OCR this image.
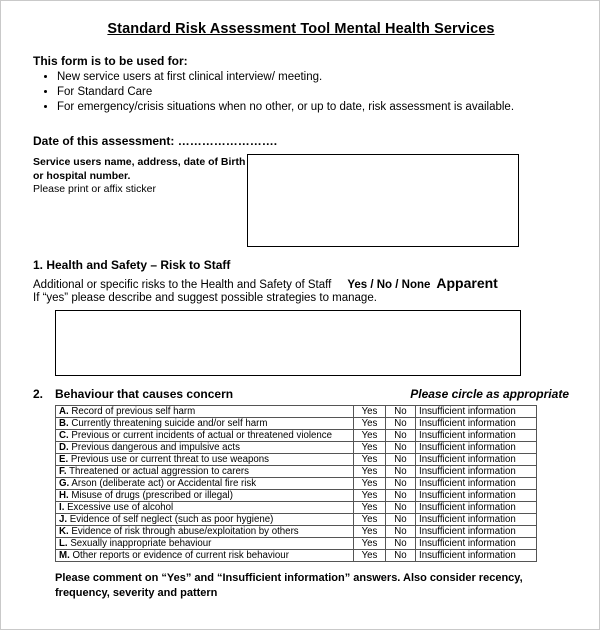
Standard Risk Assessment Tool Mental Health Services
This form is to be used for:
• New service users at first clinical interview/ meeting.
• For Standard Care
• For emergency/crisis situations when no other, or up to date, risk assessment is available.
Date of this assessment: …………………….
Service users name, address, date of Birth or hospital number.
Please print or affix sticker
1. Health and Safety – Risk to Staff
Additional or specific risks to the Health and Safety of Staff Yes / No / None Apparent
If “yes” please describe and suggest possible strategies to manage.
2. Behaviour that causes concern	Please circle as appropriate
A. Record of previous self harm	Yes	No	Insufficient information
B. Currently threatening suicide and/or self harm	Yes	No	Insufficient information
C. Previous or current incidents of actual or threatened violence	Yes	No	Insufficient information
D. Previous dangerous and impulsive acts	Yes	No	Insufficient information
E. Previous use or current threat to use weapons	Yes	No	Insufficient information
F. Threatened or actual aggression to carers	Yes	No	Insufficient information
G. Arson (deliberate act) or Accidental fire risk	Yes	No	Insufficient information
H. Misuse of drugs (prescribed or illegal)	Yes	No	Insufficient information
I. Excessive use of alcohol	Yes	No	Insufficient information
J. Evidence of self neglect (such as poor hygiene)	Yes	No	Insufficient information
K. Evidence of risk through abuse/exploitation by others	Yes	No	Insufficient information
L. Sexually inappropriate behaviour	Yes	No	Insufficient information
M. Other reports or evidence of current risk behaviour	Yes	No	Insufficient information
Please comment on “Yes” and “Insufficient information” answers. Also consider recency, frequency, severity and pattern
